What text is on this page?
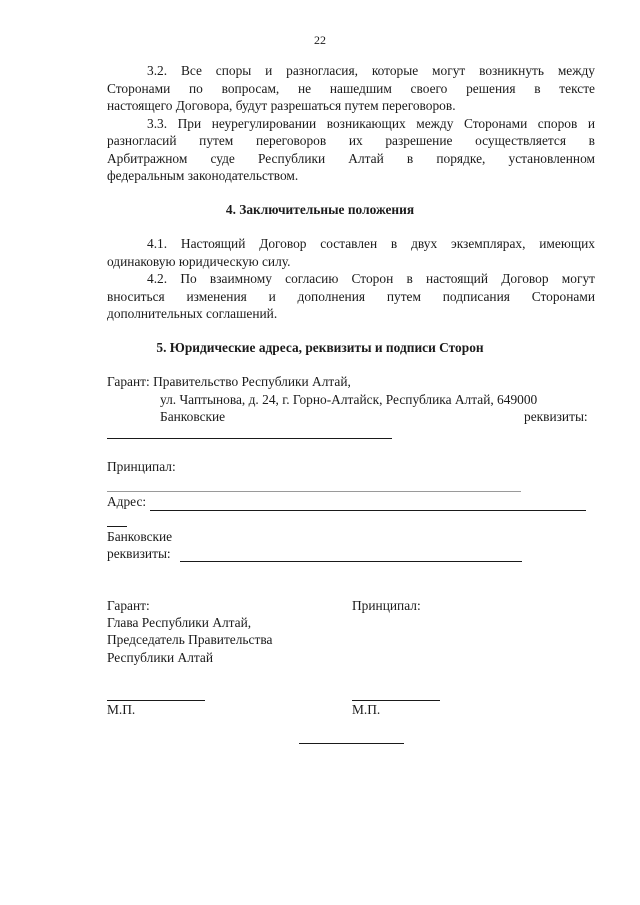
22
3.2. Все споры и разногласия, которые могут возникнуть между
Сторонами по вопросам, не нашедшим своего решения в тексте
настоящего Договора, будут разрешаться путем переговоров.
3.3. При неурегулировании возникающих между Сторонами споров и
разногласий путем переговоров их разрешение осуществляется в
Арбитражном суде Республики Алтай в порядке, установленном
федеральным законодательством.
4. Заключительные положения
4.1. Настоящий Договор составлен в двух экземплярах, имеющих
одинаковую юридическую силу.
4.2. По взаимному согласию Сторон в настоящий Договор могут
вноситься изменения и дополнения путем подписания Сторонами
дополнительных соглашений.
5. Юридические адреса, реквизиты и подписи Сторон
Гарант: Правительство Республики Алтай,
ул. Чаптынова, д. 24, г. Горно-Алтайск, Республика Алтай, 649000
Банковские	реквизиты:
Принципал:
Адрес:
Банковские
реквизиты:
Гарант:
Глава Республики Алтай,
Председатель Правительства
Республики Алтай
Принципал:
М.П.	М.П.
